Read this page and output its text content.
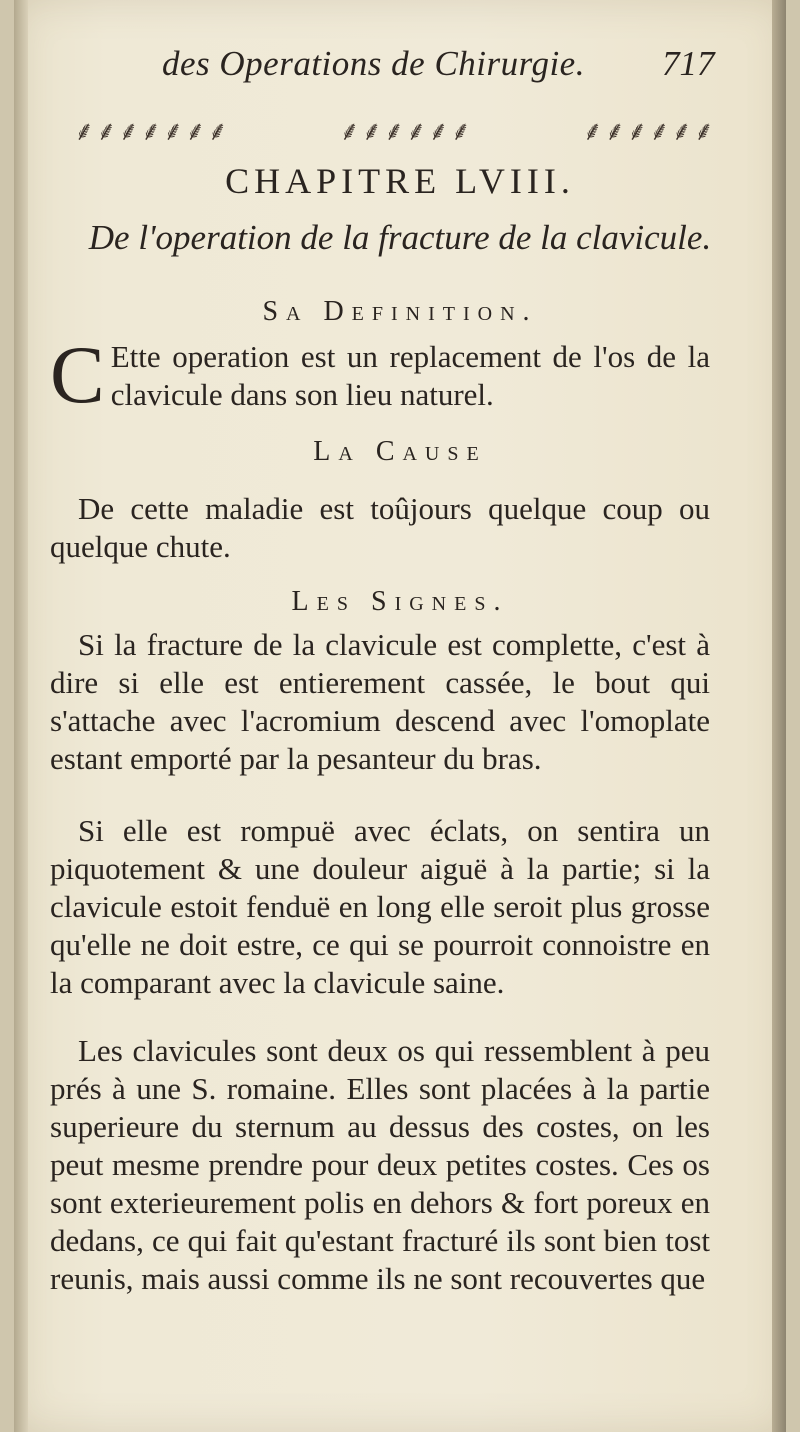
des Operations de Chirurgie. 717
⸙ ⸙ ⸙ ⸙ ⸙ ⸙ ⸙	⸙ ⸙ ⸙ ⸙ ⸙ ⸙	⸙ ⸙ ⸙ ⸙ ⸙ ⸙
CHAPITRE LVIII.
De l'operation de la fracture de la clavicule.
Sa Definition.
C Ette operation est un replacement de l'os de la clavicule dans son lieu naturel.
La Cause
De cette maladie est toûjours quelque coup ou quelque chute.
Les Signes.
Si la fracture de la clavicule est complette, c'est à dire si elle est entierement cassée, le bout qui s'attache avec l'acromium descend avec l'omoplate estant emporté par la pesanteur du bras.
Si elle est rompuë avec éclats, on sentira un piquotement & une douleur aiguë à la partie; si la clavicule estoit fenduë en long elle seroit plus grosse qu'elle ne doit estre, ce qui se pourroit connoistre en la comparant avec la clavicule saine.
Les clavicules sont deux os qui ressemblent à peu prés à une S. romaine. Elles sont placées à la partie superieure du sternum au dessus des costes, on les peut mesme prendre pour deux petites costes. Ces os sont exterieurement polis en dehors & fort poreux en dedans, ce qui fait qu'estant fracturé ils sont bien tost reunis, mais aussi comme ils ne sont recouvertes que
